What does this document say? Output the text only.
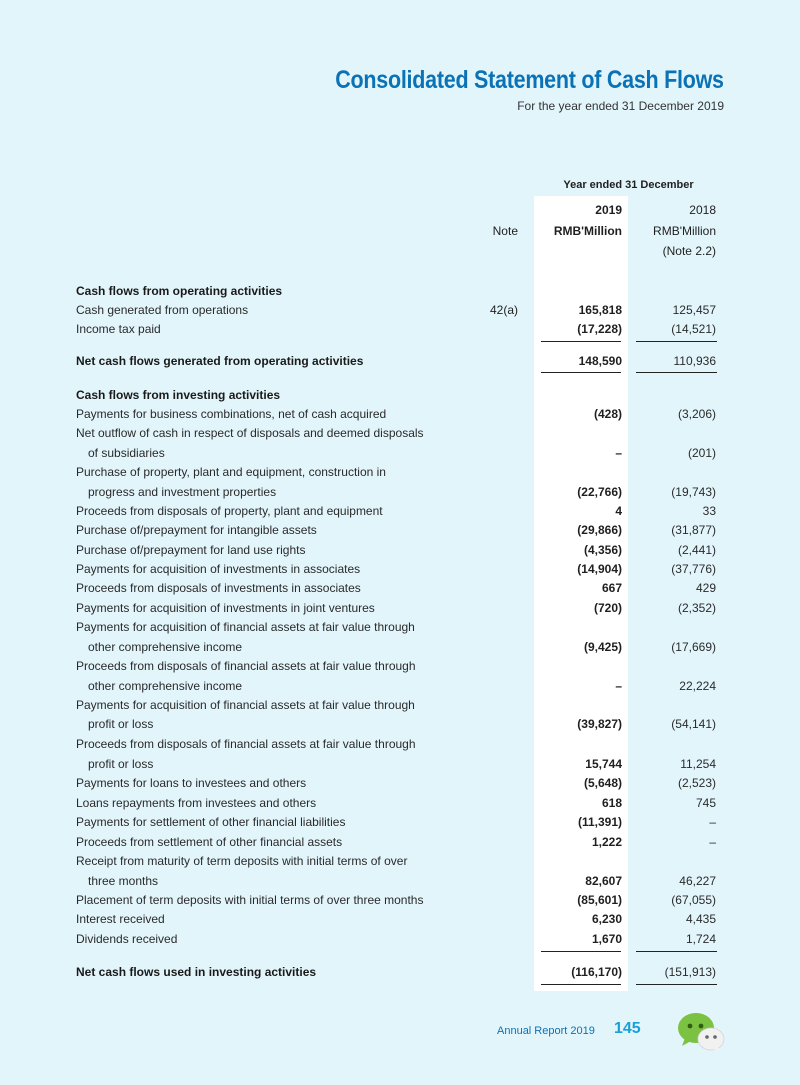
Consolidated Statement of Cash Flows
For the year ended 31 December 2019
Year ended 31 December
2019	2018
Note	RMB'Million	RMB'Million
(Note 2.2)
Cash flows from operating activities
Cash generated from operations	42(a)	165,818	125,457
Income tax paid	(17,228)	(14,521)
Net cash flows generated from operating activities	148,590	110,936
Cash flows from investing activities
Payments for business combinations, net of cash acquired	(428)	(3,206)
Net outflow of cash in respect of disposals and deemed disposals
of subsidiaries	–	(201)
Purchase of property, plant and equipment, construction in
progress and investment properties	(22,766)	(19,743)
Proceeds from disposals of property, plant and equipment	4	33
Purchase of/prepayment for intangible assets	(29,866)	(31,877)
Purchase of/prepayment for land use rights	(4,356)	(2,441)
Payments for acquisition of investments in associates	(14,904)	(37,776)
Proceeds from disposals of investments in associates	667	429
Payments for acquisition of investments in joint ventures	(720)	(2,352)
Payments for acquisition of financial assets at fair value through
other comprehensive income	(9,425)	(17,669)
Proceeds from disposals of financial assets at fair value through
other comprehensive income	–	22,224
Payments for acquisition of financial assets at fair value through
profit or loss	(39,827)	(54,141)
Proceeds from disposals of financial assets at fair value through
profit or loss	15,744	11,254
Payments for loans to investees and others	(5,648)	(2,523)
Loans repayments from investees and others	618	745
Payments for settlement of other financial liabilities	(11,391)	–
Proceeds from settlement of other financial assets	1,222	–
Receipt from maturity of term deposits with initial terms of over
three months	82,607	46,227
Placement of term deposits with initial terms of over three months	(85,601)	(67,055)
Interest received	6,230	4,435
Dividends received	1,670	1,724
Net cash flows used in investing activities	(116,170)	(151,913)
Annual Report 2019 145
